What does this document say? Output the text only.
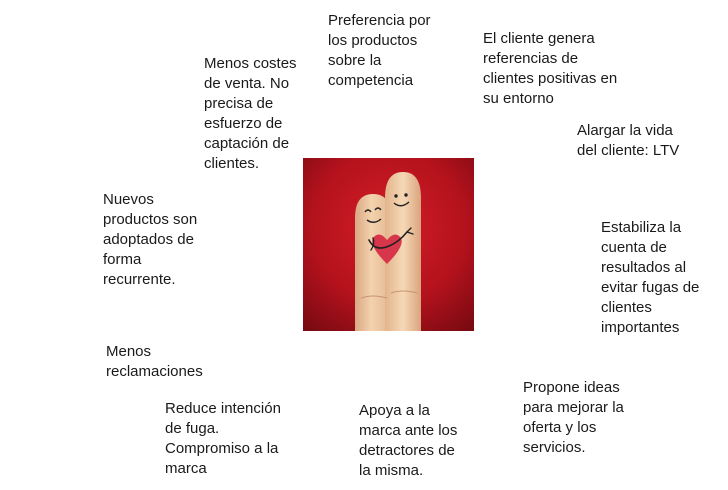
Menos costes
de venta. No
precisa de
esfuerzo de
captación de
clientes.

Preferencia por
los productos
sobre la
competencia

El cliente genera
referencias de
clientes positivas en
su entorno

Alargar la vida
del cliente: LTV

Nuevos
productos son
adoptados de
forma
recurrente.

Estabiliza la
cuenta de
resultados al
evitar fugas de
clientes
importantes

Menos
reclamaciones

Reduce intención
de fuga.
Compromiso a la
marca

Apoya a la
marca ante los
detractores de
la misma.

Propone ideas
para mejorar la
oferta y los
servicios.
